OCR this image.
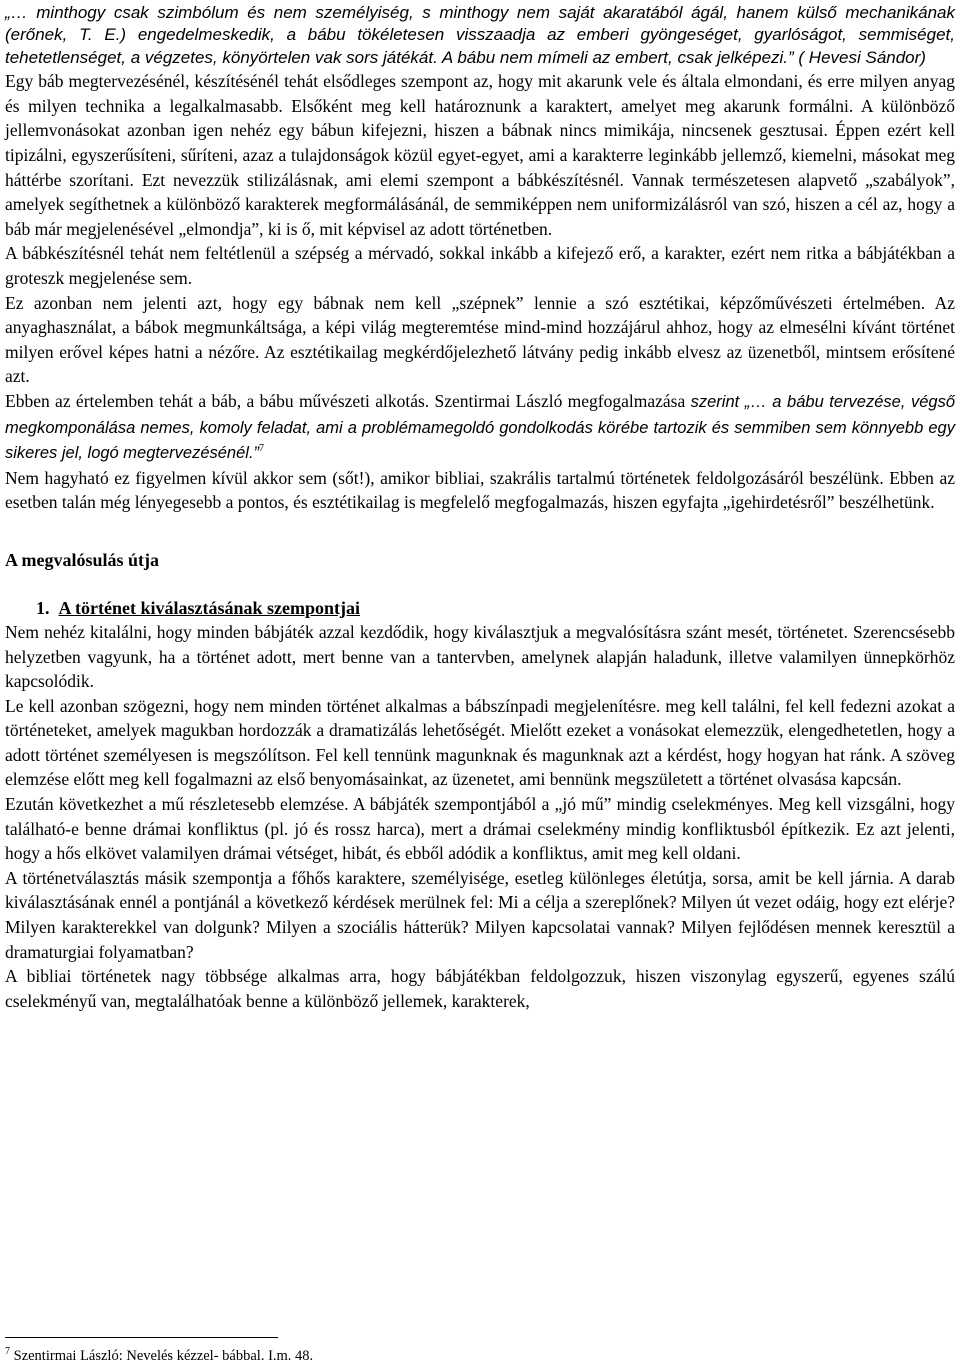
„… minthogy csak szimbólum és nem személyiség, s minthogy nem saját akaratából ágál, hanem külső mechanikának (erőnek, T. E.) engedelmeskedik, a bábu tökéletesen visszaadja az emberi gyöngeséget, gyarlóságot, semmiséget, tehetetlenséget, a végzetes, könyörtelen vak sors játékát. A bábu nem mímeli az embert, csak jelképezi.” ( Hevesi Sándor)

Egy báb megtervezésénél, készítésénél tehát elsődleges szempont az, hogy mit akarunk vele és általa elmondani, és erre milyen anyag és milyen technika a legalkalmasabb. Elsőként meg kell határoznunk a karaktert, amelyet meg akarunk formálni. A különböző jellemvonásokat azonban igen nehéz egy bábun kifejezni, hiszen a bábnak nincs mimikája, nincsenek gesztusai. Éppen ezért kell tipizálni, egyszerűsíteni, sűríteni, azaz a tulajdonságok közül egyet-egyet, ami a karakterre leginkább jellemző, kiemelni, másokat meg háttérbe szorítani. Ezt nevezzük stilizálásnak, ami elemi szempont a bábkészítésnél. Vannak természetesen alapvető „szabályok”, amelyek segíthetnek a különböző karakterek megformálásánál, de semmiképpen nem uniformizálásról van szó, hiszen a cél az, hogy a báb már megjelenésével „elmondja”, ki is ő, mit képvisel az adott történetben.

A bábkészítésnél tehát nem feltétlenül a szépség a mérvadó, sokkal inkább a kifejező erő, a karakter, ezért nem ritka a bábjátékban a groteszk megjelenése sem.

Ez azonban nem jelenti azt, hogy egy bábnak nem kell „szépnek” lennie a szó esztétikai, képzőművészeti értelmében. Az anyaghasználat, a bábok megmunkáltsága, a képi világ megteremtése mind-mind hozzájárul ahhoz, hogy az elmesélni kívánt történet milyen erővel képes hatni a nézőre. Az esztétikailag megkérdőjelezhető látvány pedig inkább elvesz az üzenetből, mintsem erősítené azt.

Ebben az értelemben tehát a báb, a bábu művészeti alkotás. Szentirmai László megfogalmazása szerint „… a bábu tervezése, végső megkomponálása nemes, komoly feladat, ami a problémamegoldó gondolkodás körébe tartozik és semmiben sem könnyebb egy sikeres jel, logó megtervezésénél.”$^7$

Nem hagyható ez figyelmen kívül akkor sem (sőt!), amikor bibliai, szakrális tartalmú történetek feldolgozásáról beszélünk. Ebben az esetben talán még lényegesebb a pontos, és esztétikailag is megfelelő megfogalmazás, hiszen egyfajta „igehirdetésről” beszélhetünk.

A megvalósulás útja
1. A történet kiválasztásának szempontjai

Nem nehéz kitalálni, hogy minden bábjáték azzal kezdődik, hogy kiválasztjuk a megvalósításra szánt mesét, történetet. Szerencsésebb helyzetben vagyunk, ha a történet adott, mert benne van a tantervben, amelynek alapján haladunk, illetve valamilyen ünnepkörhöz kapcsolódik.

Le kell azonban szögezni, hogy nem minden történet alkalmas a bábszínpadi megjelenítésre. meg kell találni, fel kell fedezni azokat a történeteket, amelyek magukban hordozzák a dramatizálás lehetőségét. Mielőtt ezeket a vonásokat elemezzük, elengedhetetlen, hogy a adott történet személyesen is megszólítson. Fel kell tennünk magunknak és magunknak azt a kérdést, hogy hogyan hat ránk. A szöveg elemzése előtt meg kell fogalmazni az első benyomásainkat, az üzenetet, ami bennünk megszületett a történet olvasása kapcsán.

Ezután következhet a mű részletesebb elemzése. A bábjáték szempontjából a „jó mű” mindig cselekményes. Meg kell vizsgálni, hogy található-e benne drámai konfliktus (pl. jó és rossz harca), mert a drámai cselekmény mindig konfliktusból építkezik. Ez azt jelenti, hogy a hős elkövet valamilyen drámai vétséget, hibát, és ebből adódik a konfliktus, amit meg kell oldani.

A történetválasztás másik szempontja a főhős karaktere, személyisége, esetleg különleges életútja, sorsa, amit be kell járnia. A darab kiválasztásának ennél a pontjánál a következő kérdések merülnek fel: Mi a célja a szereplőnek? Milyen út vezet odáig, hogy ezt elérje? Milyen karakterekkel van dolgunk? Milyen a szociális hátterük? Milyen kapcsolatai vannak? Milyen fejlődésen mennek keresztül a dramaturgiai folyamatban?

A bibliai történetek nagy többsége alkalmas arra, hogy bábjátékban feldolgozzuk, hiszen viszonylag egyszerű, egyenes szálú cselekményű van, megtalálhatóak benne a különböző jellemek, karakterek,

$^7$ Szentirmai László: Nevelés kézzel- bábbal. I.m. 48.
